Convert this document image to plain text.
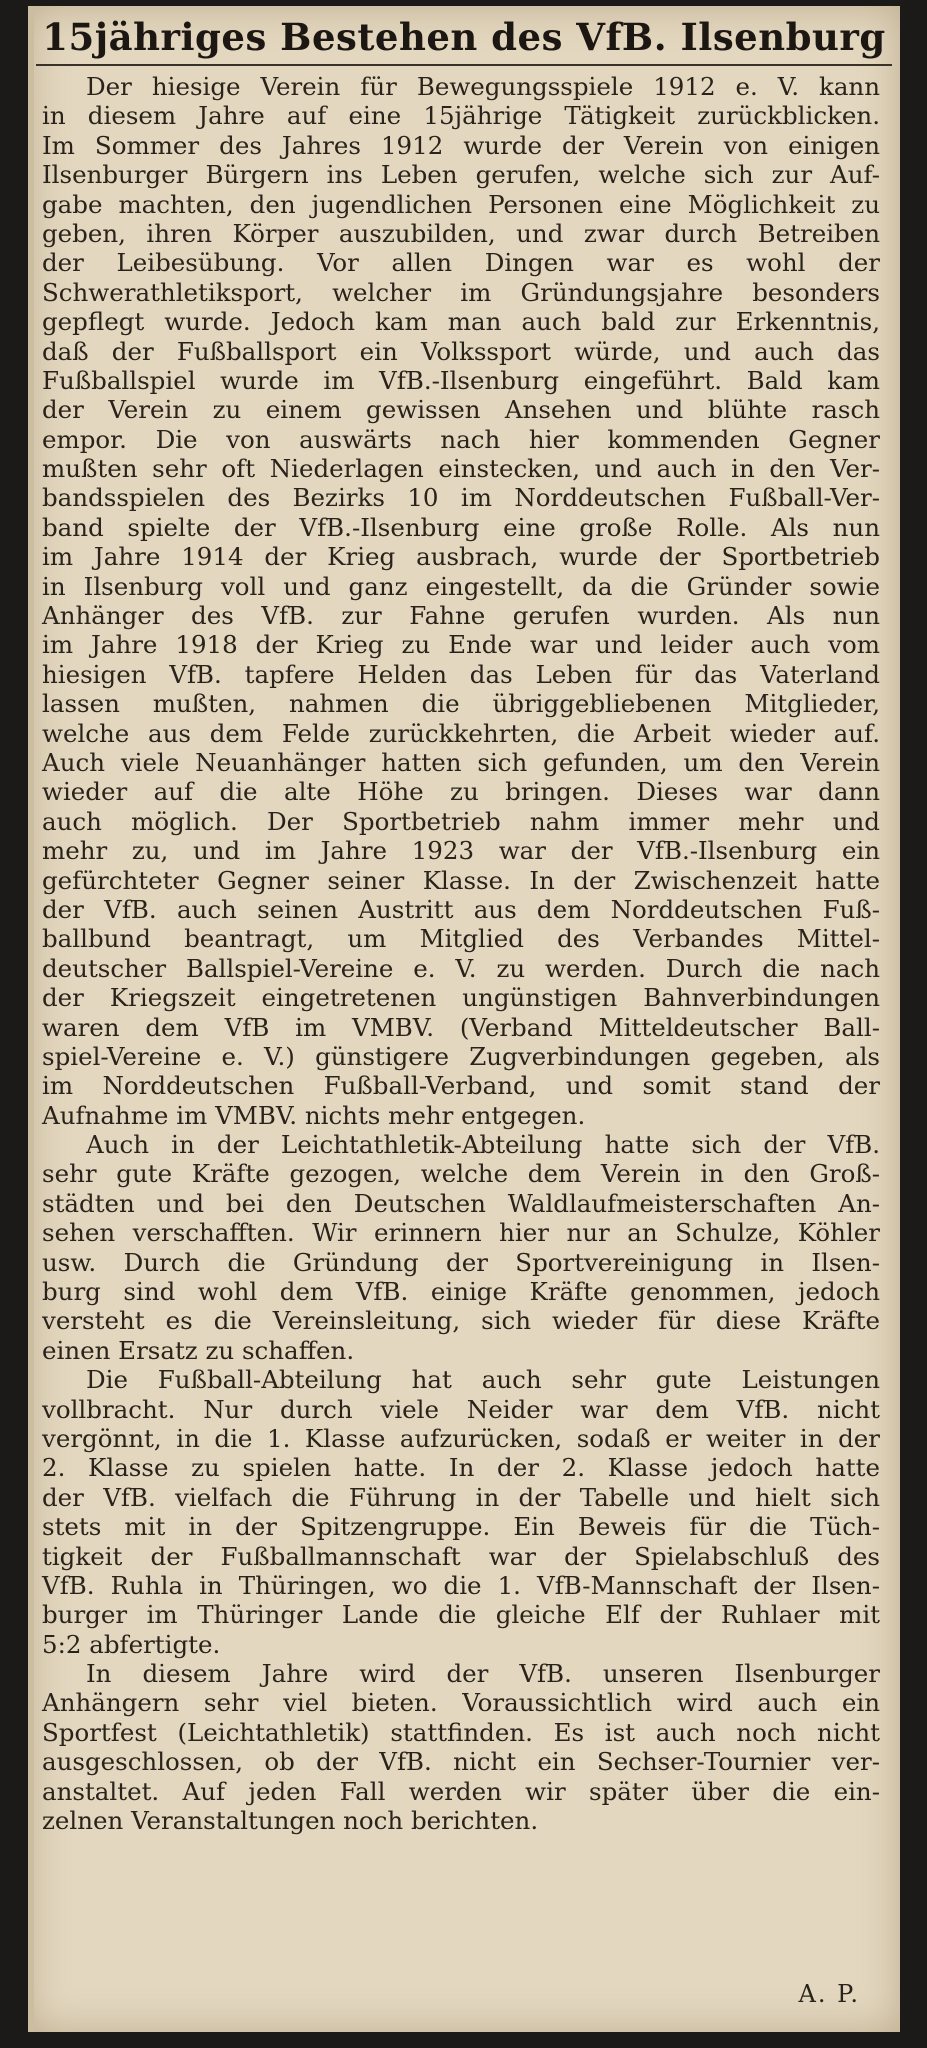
15jähriges Bestehen des VfB. Ilsenburg
Der hiesige Verein für Bewegungsspiele 1912 e. V. kann
in diesem Jahre auf eine 15jährige Tätigkeit zurückblicken.
Im Sommer des Jahres 1912 wurde der Verein von einigen
Ilsenburger Bürgern ins Leben gerufen, welche sich zur Auf-
gabe machten, den jugendlichen Personen eine Möglichkeit zu
geben, ihren Körper auszubilden, und zwar durch Betreiben
der Leibesübung. Vor allen Dingen war es wohl der
Schwerathletiksport, welcher im Gründungsjahre besonders
gepflegt wurde. Jedoch kam man auch bald zur Erkenntnis,
daß der Fußballsport ein Volkssport würde, und auch das
Fußballspiel wurde im VfB.-Ilsenburg eingeführt. Bald kam
der Verein zu einem gewissen Ansehen und blühte rasch
empor. Die von auswärts nach hier kommenden Gegner
mußten sehr oft Niederlagen einstecken, und auch in den Ver-
bandsspielen des Bezirks 10 im Norddeutschen Fußball-Ver-
band spielte der VfB.-Ilsenburg eine große Rolle. Als nun
im Jahre 1914 der Krieg ausbrach, wurde der Sportbetrieb
in Ilsenburg voll und ganz eingestellt, da die Gründer sowie
Anhänger des VfB. zur Fahne gerufen wurden. Als nun
im Jahre 1918 der Krieg zu Ende war und leider auch vom
hiesigen VfB. tapfere Helden das Leben für das Vaterland
lassen mußten, nahmen die übriggebliebenen Mitglieder,
welche aus dem Felde zurückkehrten, die Arbeit wieder auf.
Auch viele Neuanhänger hatten sich gefunden, um den Verein
wieder auf die alte Höhe zu bringen. Dieses war dann
auch möglich. Der Sportbetrieb nahm immer mehr und
mehr zu, und im Jahre 1923 war der VfB.-Ilsenburg ein
gefürchteter Gegner seiner Klasse. In der Zwischenzeit hatte
der VfB. auch seinen Austritt aus dem Norddeutschen Fuß-
ballbund beantragt, um Mitglied des Verbandes Mittel-
deutscher Ballspiel-Vereine e. V. zu werden. Durch die nach
der Kriegszeit eingetretenen ungünstigen Bahnverbindungen
waren dem VfB im VMBV. (Verband Mitteldeutscher Ball-
spiel-Vereine e. V.) günstigere Zugverbindungen gegeben, als
im Norddeutschen Fußball-Verband, und somit stand der
Aufnahme im VMBV. nichts mehr entgegen.
Auch in der Leichtathletik-Abteilung hatte sich der VfB.
sehr gute Kräfte gezogen, welche dem Verein in den Groß-
städten und bei den Deutschen Waldlaufmeisterschaften An-
sehen verschafften. Wir erinnern hier nur an Schulze, Köhler
usw. Durch die Gründung der Sportvereinigung in Ilsen-
burg sind wohl dem VfB. einige Kräfte genommen, jedoch
versteht es die Vereinsleitung, sich wieder für diese Kräfte
einen Ersatz zu schaffen.
Die Fußball-Abteilung hat auch sehr gute Leistungen
vollbracht. Nur durch viele Neider war dem VfB. nicht
vergönnt, in die 1. Klasse aufzurücken, sodaß er weiter in der
2. Klasse zu spielen hatte. In der 2. Klasse jedoch hatte
der VfB. vielfach die Führung in der Tabelle und hielt sich
stets mit in der Spitzengruppe. Ein Beweis für die Tüch-
tigkeit der Fußballmannschaft war der Spielabschluß des
VfB. Ruhla in Thüringen, wo die 1. VfB-Mannschaft der Ilsen-
burger im Thüringer Lande die gleiche Elf der Ruhlaer mit
5:2 abfertigte.
In diesem Jahre wird der VfB. unseren Ilsenburger
Anhängern sehr viel bieten. Voraussichtlich wird auch ein
Sportfest (Leichtathletik) stattfinden. Es ist auch noch nicht
ausgeschlossen, ob der VfB. nicht ein Sechser-Tournier ver-
anstaltet. Auf jeden Fall werden wir später über die ein-
zelnen Veranstaltungen noch berichten.
A. P.
